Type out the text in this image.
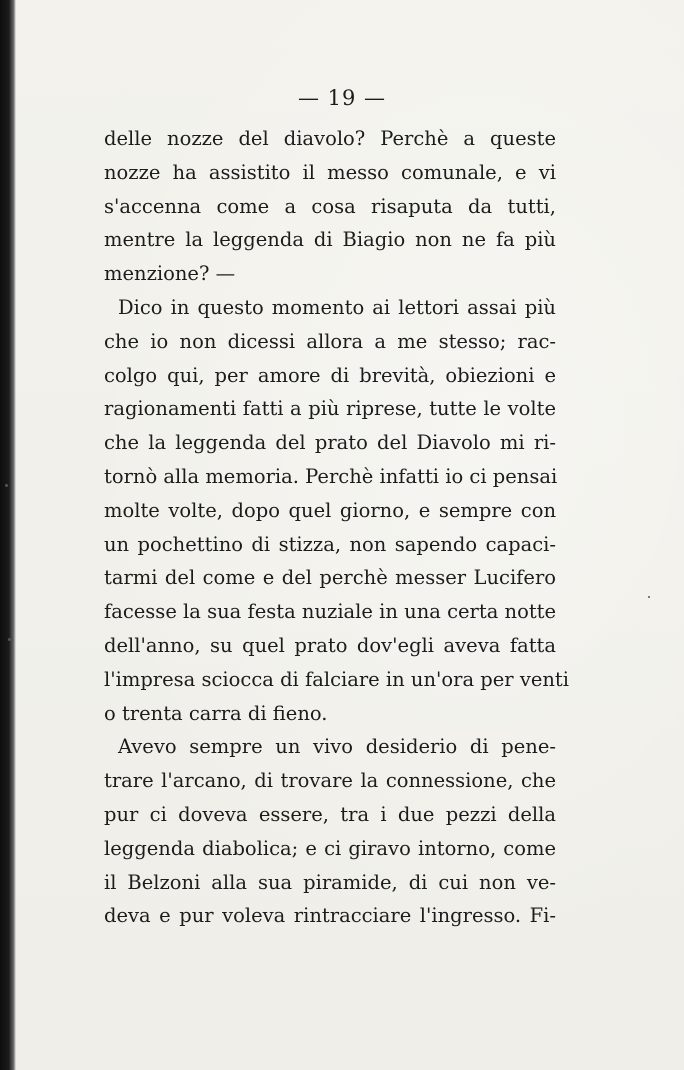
— 19 —
delle nozze del diavolo? Perchè a queste
nozze ha assistito il messo comunale, e vi
s'accenna come a cosa risaputa da tutti,
mentre la leggenda di Biagio non ne fa più
menzione? —
Dico in questo momento ai lettori assai più
che io non dicessi allora a me stesso; rac-
colgo qui, per amore di brevità, obiezioni e
ragionamenti fatti a più riprese, tutte le volte
che la leggenda del prato del Diavolo mi ri-
tornò alla memoria. Perchè infatti io ci pensai
molte volte, dopo quel giorno, e sempre con
un pochettino di stizza, non sapendo capaci-
tarmi del come e del perchè messer Lucifero
facesse la sua festa nuziale in una certa notte
dell'anno, su quel prato dov'egli aveva fatta
l'impresa sciocca di falciare in un'ora per venti
o trenta carra di fieno.
Avevo sempre un vivo desiderio di pene-
trare l'arcano, di trovare la connessione, che
pur ci doveva essere, tra i due pezzi della
leggenda diabolica; e ci giravo intorno, come
il Belzoni alla sua piramide, di cui non ve-
deva e pur voleva rintracciare l'ingresso. Fi-
